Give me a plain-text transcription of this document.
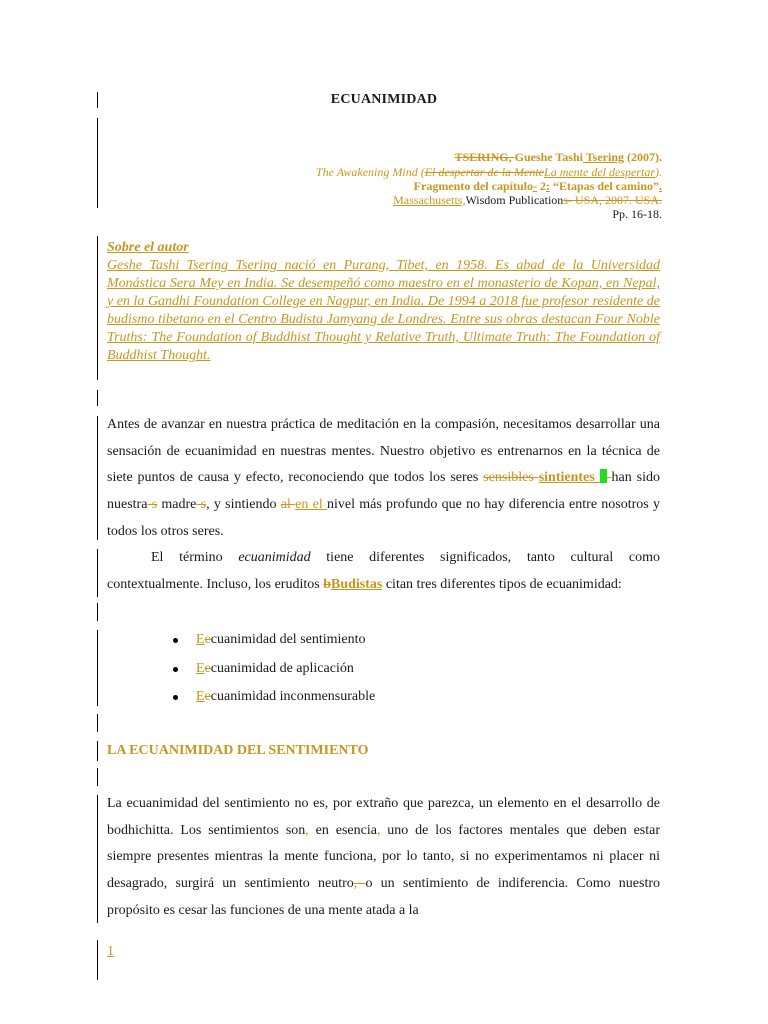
ECUANIMIDAD
TSERING, Gueshe Tashi Tsering (2007).
The Awakening Mind (El despertar de la MenteLa mente del despertar).
Fragmento del capítulo- 2: “Etapas del camino”.
Massachusetts,Wisdom Publications- USA, 2007. USA.
Pp. 16-18.
Sobre el autor
Geshe Tashi Tsering Tsering nació en Purang, Tibet, en 1958. Es abad de la Universidad Monástica Sera Mey en India. Se desempeñó como maestro en el monasterio de Kopan, en Nepal, y en la Gandhi Foundation College en Nagpur, en India. De 1994 a 2018 fue profesor residente de budismo tibetano en el Centro Budista Jamyang de Londres. Entre sus obras destacan Four Noble Truths: The Foundation of Buddhist Thought y Relative Truth, Ultimate Truth: The Foundation of Buddhist Thought.
Antes de avanzar en nuestra práctica de meditación en la compasión, necesitamos desarrollar una sensación de ecuanimidad en nuestras mentes. Nuestro objetivo es entrenarnos en la técnica de siete puntos de causa y efecto, reconociendo que todos los seres sensibles sintientes  han sido nuestra s madre s, y sintiendo al en el nivel más profundo que no hay diferencia entre nosotros y todos los otros seres.
El término ecuanimidad tiene diferentes significados, tanto cultural como contextualmente. Incluso, los eruditos bBudistas citan tres diferentes tipos de ecuanimidad:
Eecuanimidad del sentimiento
Eecuanimidad de aplicación
Eecuanimidad inconmensurable
LA ECUANIMIDAD DEL SENTIMIENTO
La ecuanimidad del sentimiento no es, por extraño que parezca, un elemento en el desarrollo de bodhichitta. Los sentimientos son, en esencia, uno de los factores mentales que deben estar siempre presentes mientras la mente funciona, por lo tanto, si no experimentamos ni placer ni desagrado, surgirá un sentimiento neutro, o un sentimiento de indiferencia. Como nuestro propósito es cesar las funciones de una mente atada a la
1
